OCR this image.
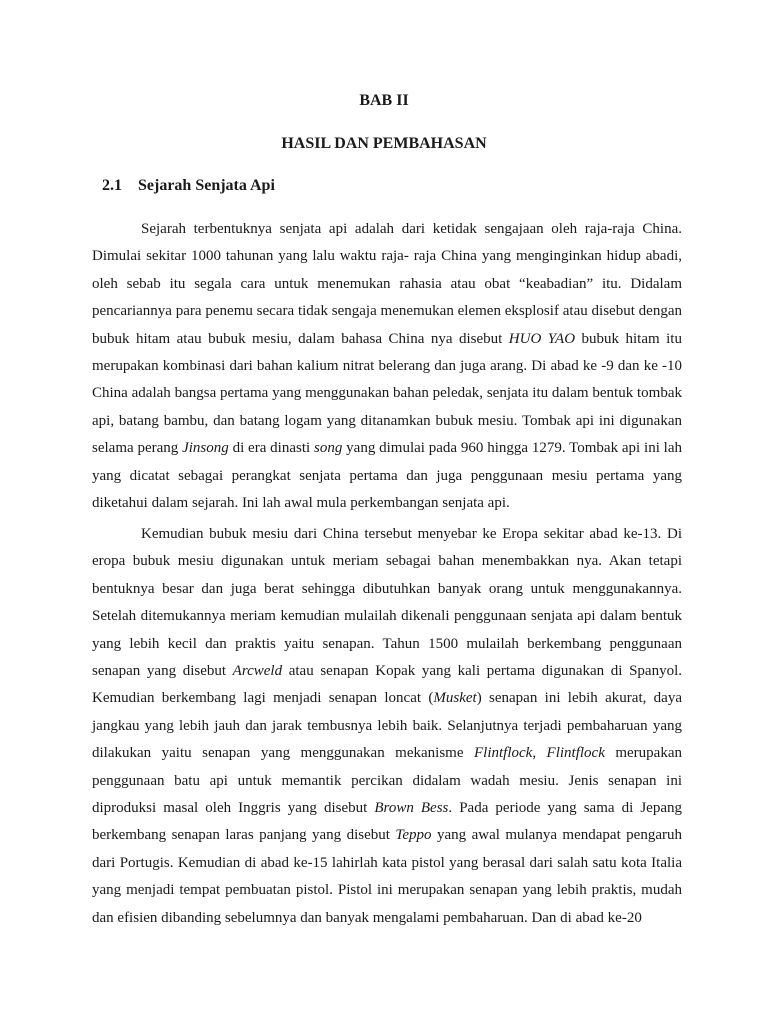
BAB II
HASIL DAN PEMBAHASAN
2.1 Sejarah Senjata Api

Sejarah terbentuknya senjata api adalah dari ketidak sengajaan oleh raja-raja China. Dimulai sekitar 1000 tahunan yang lalu waktu raja- raja China yang menginginkan hidup abadi, oleh sebab itu segala cara untuk menemukan rahasia atau obat “keabadian” itu. Didalam pencariannya para penemu secara tidak sengaja menemukan elemen eksplosif atau disebut dengan bubuk hitam atau bubuk mesiu, dalam bahasa China nya disebut HUO YAO bubuk hitam itu merupakan kombinasi dari bahan kalium nitrat belerang dan juga arang. Di abad ke -9 dan ke -10 China adalah bangsa pertama yang menggunakan bahan peledak, senjata itu dalam bentuk tombak api, batang bambu, dan batang logam yang ditanamkan bubuk mesiu. Tombak api ini digunakan selama perang Jinsong di era dinasti song yang dimulai pada 960 hingga 1279. Tombak api ini lah yang dicatat sebagai perangkat senjata pertama dan juga penggunaan mesiu pertama yang diketahui dalam sejarah. Ini lah awal mula perkembangan senjata api.

Kemudian bubuk mesiu dari China tersebut menyebar ke Eropa sekitar abad ke-13. Di eropa bubuk mesiu digunakan untuk meriam sebagai bahan menembakkan nya. Akan tetapi bentuknya besar dan juga berat sehingga dibutuhkan banyak orang untuk menggunakannya. Setelah ditemukannya meriam kemudian mulailah dikenali penggunaan senjata api dalam bentuk yang lebih kecil dan praktis yaitu senapan. Tahun 1500 mulailah berkembang penggunaan senapan yang disebut Arcweld atau senapan Kopak yang kali pertama digunakan di Spanyol. Kemudian berkembang lagi menjadi senapan loncat (Musket) senapan ini lebih akurat, daya jangkau yang lebih jauh dan jarak tembusnya lebih baik. Selanjutnya terjadi pembaharuan yang dilakukan yaitu senapan yang menggunakan mekanisme Flintflock, Flintflock merupakan penggunaan batu api untuk memantik percikan didalam wadah mesiu. Jenis senapan ini diproduksi masal oleh Inggris yang disebut Brown Bess. Pada periode yang sama di Jepang berkembang senapan laras panjang yang disebut Teppo yang awal mulanya mendapat pengaruh dari Portugis. Kemudian di abad ke-15 lahirlah kata pistol yang berasal dari salah satu kota Italia yang menjadi tempat pembuatan pistol. Pistol ini merupakan senapan yang lebih praktis, mudah dan efisien dibanding sebelumnya dan banyak mengalami pembaharuan. Dan di abad ke-20
